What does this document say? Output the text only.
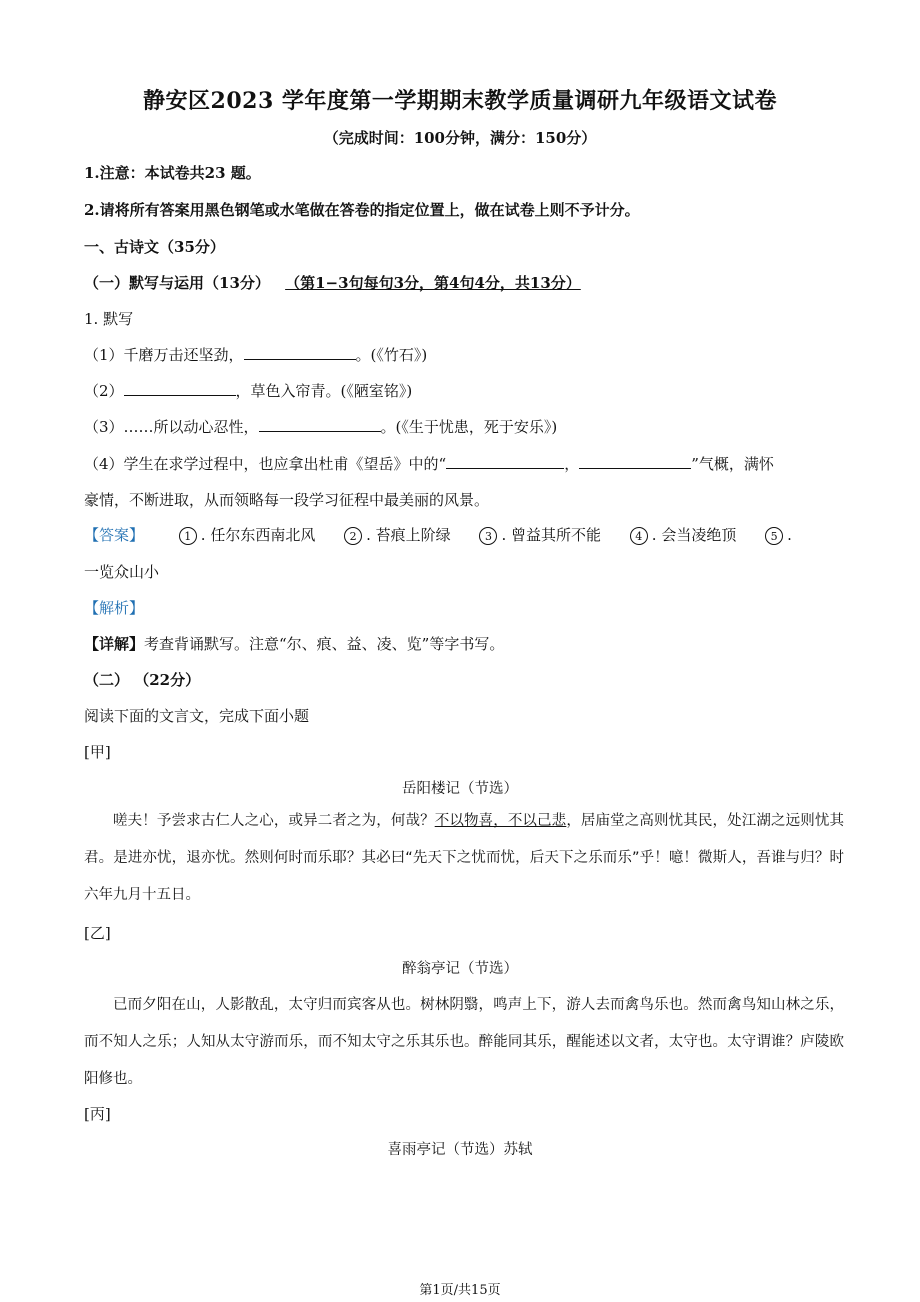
静安区2023 学年度第一学期期末教学质量调研九年级语文试卷
（完成时间：100分钟，满分：150分）
1.注意：本试卷共23 题。
2.请将所有答案用黑色钢笔或水笔做在答卷的指定位置上，做在试卷上则不予计分。
一、古诗文（35分）
（一）默写与运用（13分） （第1−3句每句3分，第4句4分，共13分）
1. 默写
（1）千磨万击还坚劲，	。(《竹石》)
（2）	，草色入帘青。(《陋室铭》)
（3）……所以动心忍性，	。(《生于忧患，死于安乐》)
（4）学生在求学过程中，也应拿出杜甫《望岳》中的“	，	”气概，满怀
豪情，不断进取，从而领略每一段学习征程中最美丽的风景。
【答案】	1 . 任尔东西南北风	2 . 苔痕上阶绿	3 . 曾益其所不能	4 . 会当凌绝顶	5 .
一览众山小
【解析】
【详解】考查背诵默写。注意“尔、痕、益、凌、览”等字书写。
（二） （22分）
阅读下面的文言文，完成下面小题
[甲]
岳阳楼记（节选）
嗟夫！予尝求古仁人之心，或异二者之为，何哉？不以物喜，不以己悲，居庙堂之高则忧其民，处江湖之远则忧其君。是进亦忧，退亦忧。然则何时而乐耶？其必曰“先天下之忧而忧，后天下之乐而乐”乎！噫！微斯人，吾谁与归？时六年九月十五日。
[乙]
醉翁亭记（节选）
已而夕阳在山，人影散乱，太守归而宾客从也。树林阴翳，鸣声上下，游人去而禽鸟乐也。然而禽鸟知山林之乐，而不知人之乐；人知从太守游而乐，而不知太守之乐其乐也。醉能同其乐，醒能述以文者，太守也。太守谓谁？庐陵欧阳修也。
[丙]
喜雨亭记（节选）苏轼
第1页/共15页
